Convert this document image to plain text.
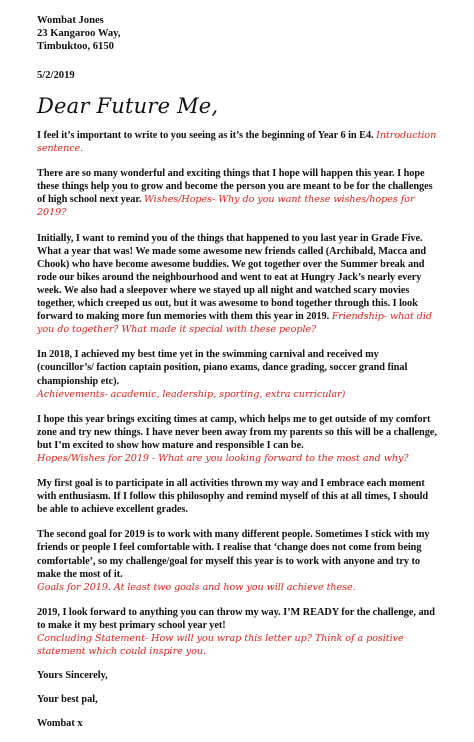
Wombat Jones
23 Kangaroo Way,
Timbuktoo, 6150
5/2/2019
Dear Future Me,

I feel it’s important to write to you seeing as it’s the beginning of Year 6 in E4. Introduction sentence.

There are so many wonderful and exciting things that I hope will happen this year. I hope these things help you to grow and become the person you are meant to be for the challenges of high school next year. Wishes/Hopes- Why do you want these wishes/hopes for 2019?

Initially, I want to remind you of the things that happened to you last year in Grade Five. What a year that was! We made some awesome new friends called (Archibald, Macca and Chook) who have become awesome buddies. We got together over the Summer break and rode our bikes around the neighbourhood and went to eat at Hungry Jack’s nearly every week. We also had a sleepover where we stayed up all night and watched scary movies together, which creeped us out, but it was awesome to bond together through this. I look forward to making more fun memories with them this year in 2019. Friendship- what did you do together? What made it special with these people?

In 2018, I achieved my best time yet in the swimming carnival and received my (councillor’s/ faction captain position, piano exams, dance grading, soccer grand final championship etc).
Achievements- academic, leadership, sporting, extra curricular)

I hope this year brings exciting times at camp, which helps me to get outside of my comfort zone and try new things. I have never been away from my parents so this will be a challenge, but I’m excited to show how mature and responsible I can be.
Hopes/Wishes for 2019 - What are you looking forward to the most and why?

My first goal is to participate in all activities thrown my way and I embrace each moment with enthusiasm. If I follow this philosophy and remind myself of this at all times, I should be able to achieve excellent grades.

The second goal for 2019 is to work with many different people. Sometimes I stick with my friends or people I feel comfortable with. I realise that ‘change does not come from being comfortable’, so my challenge/goal for myself this year is to work with anyone and try to make the most of it.
Goals for 2019. At least two goals and how you will achieve these.

2019, I look forward to anything you can throw my way. I’M READY for the challenge, and to make it my best primary school year yet!
Concluding Statement- How will you wrap this letter up? Think of a positive statement which could inspire you.

Yours Sincerely,
Your best pal,
Wombat x
